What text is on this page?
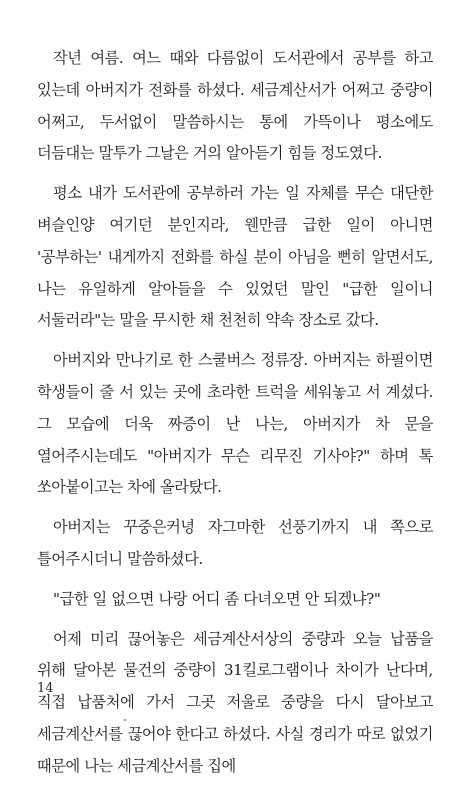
작년 여름. 여느 때와 다름없이 도서관에서 공부를 하고 있는데 아버지가 전화를 하셨다. 세금계산서가 어쩌고 중량이 어쩌고, 두서없이 말씀하시는 통에 가뜩이나 평소에도 더듬대는 말투가 그날은 거의 알아듣기 힘들 정도였다.

평소 내가 도서관에 공부하러 가는 일 자체를 무슨 대단한 벼슬인양 여기던 분인지라, 웬만큼 급한 일이 아니면 '공부하는' 내게까지 전화를 하실 분이 아님을 뻔히 알면서도, 나는 유일하게 알아들을 수 있었던 말인 "급한 일이니 서둘러라"는 말을 무시한 채 천천히 약속 장소로 갔다.

아버지와 만나기로 한 스쿨버스 정류장. 아버지는 하필이면 학생들이 줄 서 있는 곳에 초라한 트럭을 세워놓고 서 계셨다. 그 모습에 더욱 짜증이 난 나는, 아버지가 차 문을 열어주시는데도 "아버지가 무슨 리무진 기사야?" 하며 톡 쏘아붙이고는 차에 올라탔다.

아버지는 꾸중은커녕 자그마한 선풍기까지 내 쪽으로 틀어주시더니 말씀하셨다.

"급한 일 없으면 나랑 어디 좀 다녀오면 안 되겠냐?"

어제 미리 끊어놓은 세금계산서상의 중량과 오늘 납품을 위해 달아본 물건의 중량이 31킬로그램이나 차이가 난다며, 직접 납품처에 가서 그곳 저울로 중량을 다시 달아보고 세금계산서를 끊어야 한다고 하셨다. 사실 경리가 따로 없었기 때문에 나는 세금계산서를 집에

14
